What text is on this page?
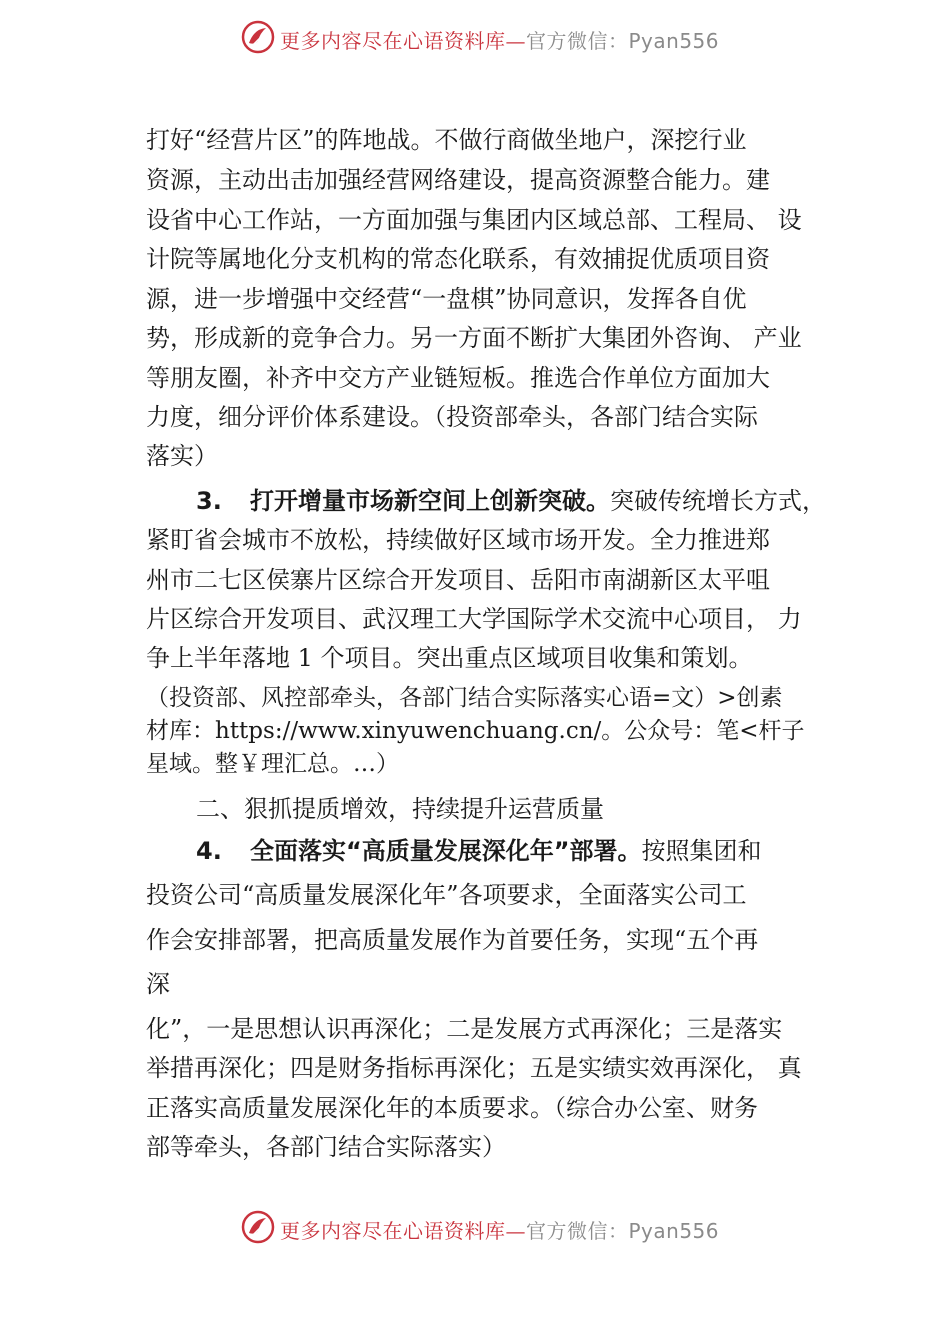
更多内容尽在心语资料库—官方微信：Pyan556
打好“经营片区”的阵地战。不做行商做坐地户，深挖行业
资源，主动出击加强经营网络建设，提高资源整合能力。建
设省中心工作站，一方面加强与集团内区域总部、工程局、 设
计院等属地化分支机构的常态化联系，有效捕捉优质项目资
源，进一步增强中交经营“一盘棋”协同意识，发挥各自优
势，形成新的竞争合力。另一方面不断扩大集团外咨询、 产业
等朋友圈，补齐中交方产业链短板。推选合作单位方面加大
力度，细分评价体系建设。（投资部牵头，各部门结合实际
落实）
3. 打开增量市场新空间上创新突破。突破传统增长方式，
紧盯省会城市不放松，持续做好区域市场开发。全力推进郑
州市二七区侯寨片区综合开发项目、岳阳市南湖新区太平咀
片区综合开发项目、武汉理工大学国际学术交流中心项目， 力
争上半年落地 1 个项目。突出重点区域项目收集和策划。
（投资部、风控部牵头，各部门结合实际落实心语=文）>创素
材库：https://www.xinyuwenchuang.cn/。公众号：笔<杆子
星域。整￥理汇总。…）
二、狠抓提质增效，持续提升运营质量
4. 全面落实“高质量发展深化年”部署。按照集团和
投资公司“高质量发展深化年”各项要求，全面落实公司工
作会安排部署，把高质量发展作为首要任务，实现“五个再
深
化”，一是思想认识再深化；二是发展方式再深化；三是落实
举措再深化；四是财务指标再深化；五是实绩实效再深化， 真
正落实高质量发展深化年的本质要求。（综合办公室、财务
部等牵头，各部门结合实际落实）
更多内容尽在心语资料库—官方微信：Pyan556
